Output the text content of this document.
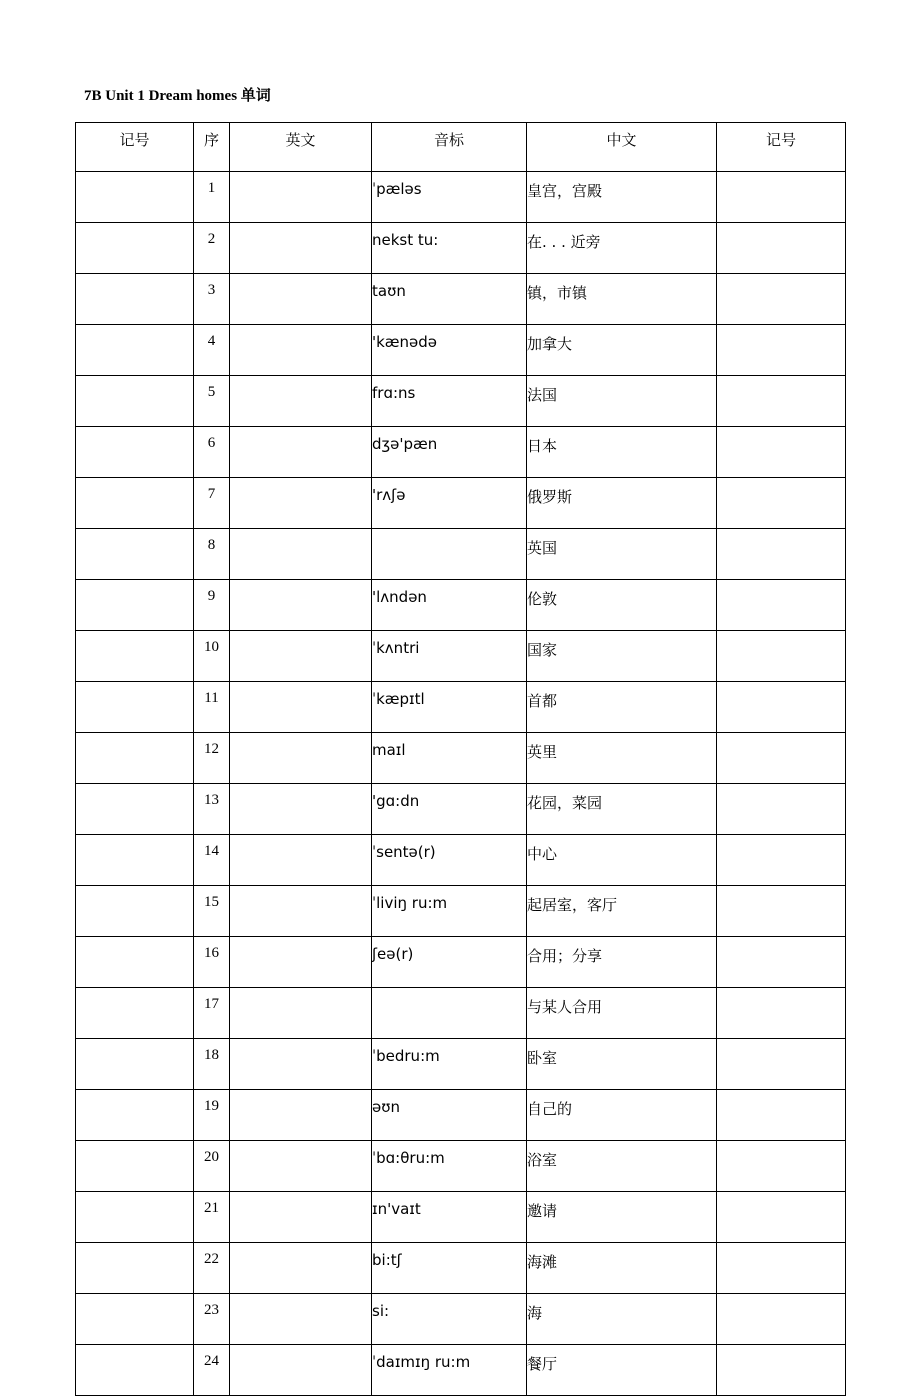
7B Unit 1 Dream homes 单词
记号	序	英文	音标	中文	记号
	1		ˈpæləs	皇宫，宫殿	
	2		nekst tu:	在. . . 近旁	
	3		taʊn	镇，市镇	
	4		'kænədə	加拿大	
	5		frɑ:ns	法国	
	6		dʒə'pæn	日本	
	7		'rʌʃə	俄罗斯	
	8			英国	
	9		'lʌndən	伦敦	
	10		ˈkʌntri	国家	
	11		ˈkæpɪtl	首都	
	12		maɪl	英里	
	13		'gɑ:dn	花园，菜园	
	14		ˈsentə(r)	中心	
	15		ˈliviŋ ru:m	起居室，客厅	
	16		ʃeə(r)	合用；分享	
	17			与某人合用	
	18		ˈbedru:m	卧室	
	19		əʊn	自己的	
	20		ˈbɑ:θru:m	浴室	
	21		ɪn'vaɪt	邀请	
	22		bi:tʃ	海滩	
	23		si:	海	
	24		ˈdaɪmɪŋ ru:m	餐厅	
